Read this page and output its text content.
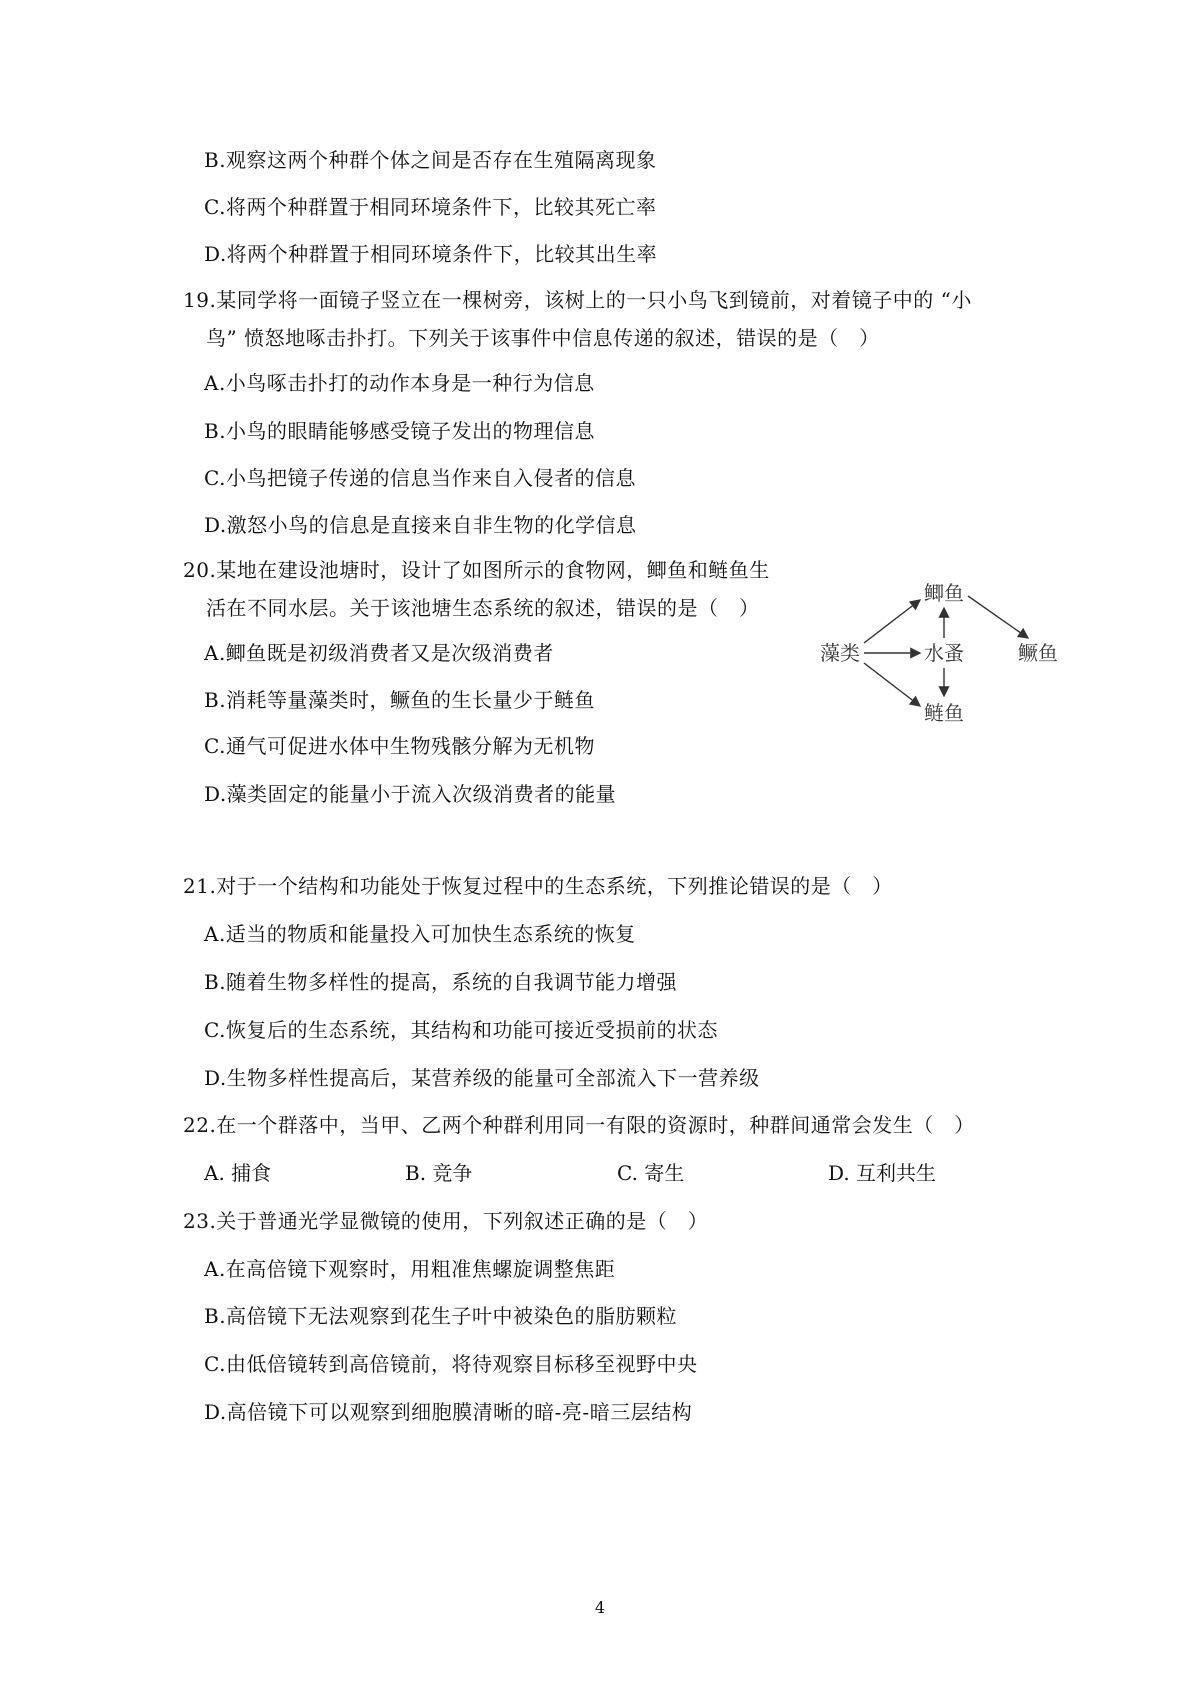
B.观察这两个种群个体之间是否存在生殖隔离现象
C.将两个种群置于相同环境条件下，比较其死亡率
D.将两个种群置于相同环境条件下，比较其出生率
19.某同学将一面镜子竖立在一棵树旁，该树上的一只小鸟飞到镜前，对着镜子中的 “小
鸟” 愤怒地啄击扑打。下列关于该事件中信息传递的叙述，错误的是（　）
A.小鸟啄击扑打的动作本身是一种行为信息
B.小鸟的眼睛能够感受镜子发出的物理信息
C.小鸟把镜子传递的信息当作来自入侵者的信息
D.激怒小鸟的信息是直接来自非生物的化学信息
20.某地在建设池塘时，设计了如图所示的食物网，鲫鱼和鲢鱼生
活在不同水层。关于该池塘生态系统的叙述，错误的是（　）
A.鲫鱼既是初级消费者又是次级消费者
B.消耗等量藻类时，鳜鱼的生长量少于鲢鱼
C.通气可促进水体中生物残骸分解为无机物
D.藻类固定的能量小于流入次级消费者的能量
鲫鱼
藻类	水蚤	鳜鱼
鲢鱼
21.对于一个结构和功能处于恢复过程中的生态系统，下列推论错误的是（　）
A.适当的物质和能量投入可加快生态系统的恢复
B.随着生物多样性的提高，系统的自我调节能力增强
C.恢复后的生态系统，其结构和功能可接近受损前的状态
D.生物多样性提高后，某营养级的能量可全部流入下一营养级
22.在一个群落中，当甲、乙两个种群利用同一有限的资源时，种群间通常会发生（　）
A. 捕食	B. 竞争	C. 寄生	D. 互利共生
23.关于普通光学显微镜的使用，下列叙述正确的是（　）
A.在高倍镜下观察时，用粗准焦螺旋调整焦距
B.高倍镜下无法观察到花生子叶中被染色的脂肪颗粒
C.由低倍镜转到高倍镜前，将待观察目标移至视野中央
D.高倍镜下可以观察到细胞膜清晰的暗-亮-暗三层结构
4
